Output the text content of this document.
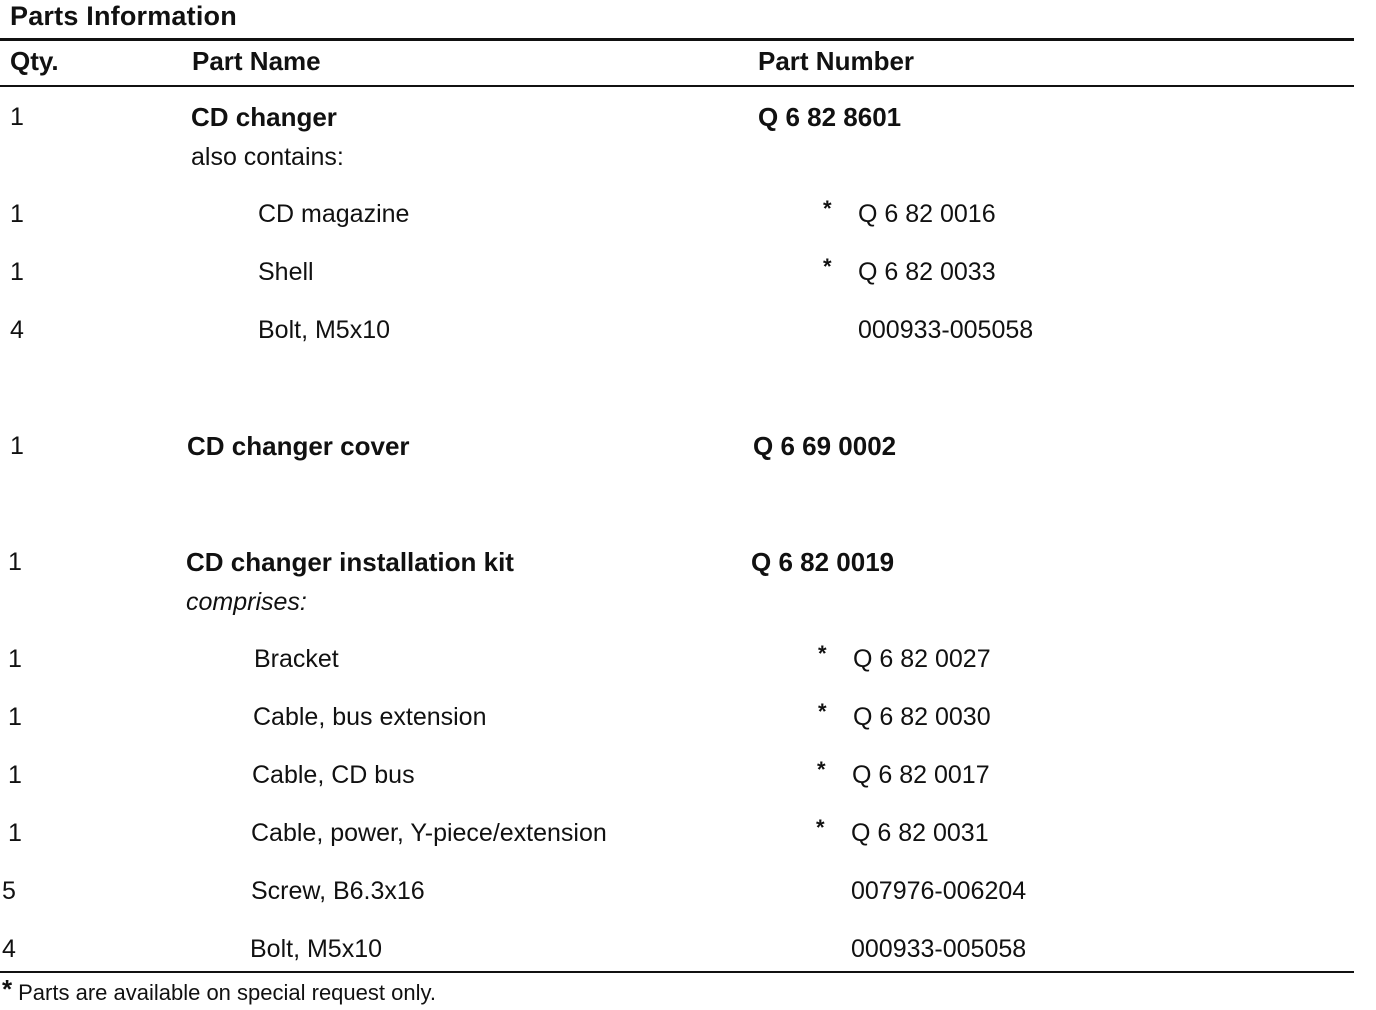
Parts Information
Qty.	Part Name	Part Number
1	CD changer	Q 6 82 8601
also contains:
1	CD magazine	* Q 6 82 0016
1	Shell	* Q 6 82 0033
4	Bolt, M5x10	000933-005058
1	CD changer cover	Q 6 69 0002
1	CD changer installation kit	Q 6 82 0019
comprises:
1	Bracket	* Q 6 82 0027
1	Cable, bus extension	* Q 6 82 0030
1	Cable, CD bus	* Q 6 82 0017
1	Cable, power, Y-piece/extension	* Q 6 82 0031
5	Screw, B6.3x16	007976-006204
4	Bolt, M5x10	000933-005058
* Parts are available on special request only.
